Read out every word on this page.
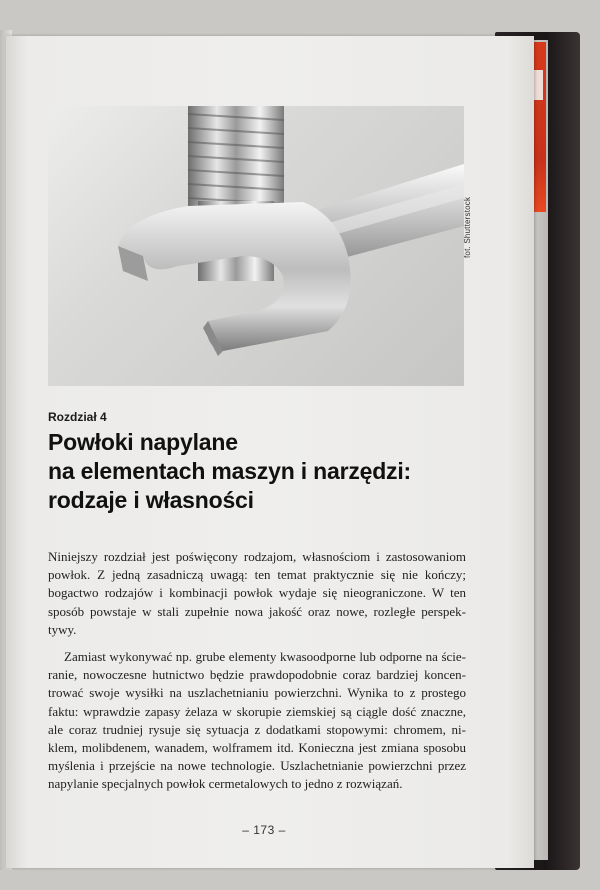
fot. Shutterstock
Rozdział 4
Powłoki napylane
na elementach maszyn i narzędzi:
rodzaje i własności
Niniejszy rozdział jest poświęcony rodzajom, własnościom i zastosowaniom
powłok. Z jedną zasadniczą uwagą: ten temat praktycznie się nie kończy;
bogactwo rodzajów i kombinacji powłok wydaje się nieograniczone. W ten
sposób powstaje w stali zupełnie nowa jakość oraz nowe, rozległe perspek-
tywy.
Zamiast wykonywać np. grube elementy kwasoodporne lub odporne na ście-
ranie, nowoczesne hutnictwo będzie prawdopodobnie coraz bardziej koncen-
trować swoje wysiłki na uszlachetnianiu powierzchni. Wynika to z prostego
faktu: wprawdzie zapasy żelaza w skorupie ziemskiej są ciągle dość znaczne,
ale coraz trudniej rysuje się sytuacja z dodatkami stopowymi: chromem, ni-
klem, molibdenem, wanadem, wolframem itd. Konieczna jest zmiana sposobu
myślenia i przejście na nowe technologie. Uszlachetnianie powierzchni przez
napylanie specjalnych powłok cermetalowych to jedno z rozwiązań.
– 173 –
